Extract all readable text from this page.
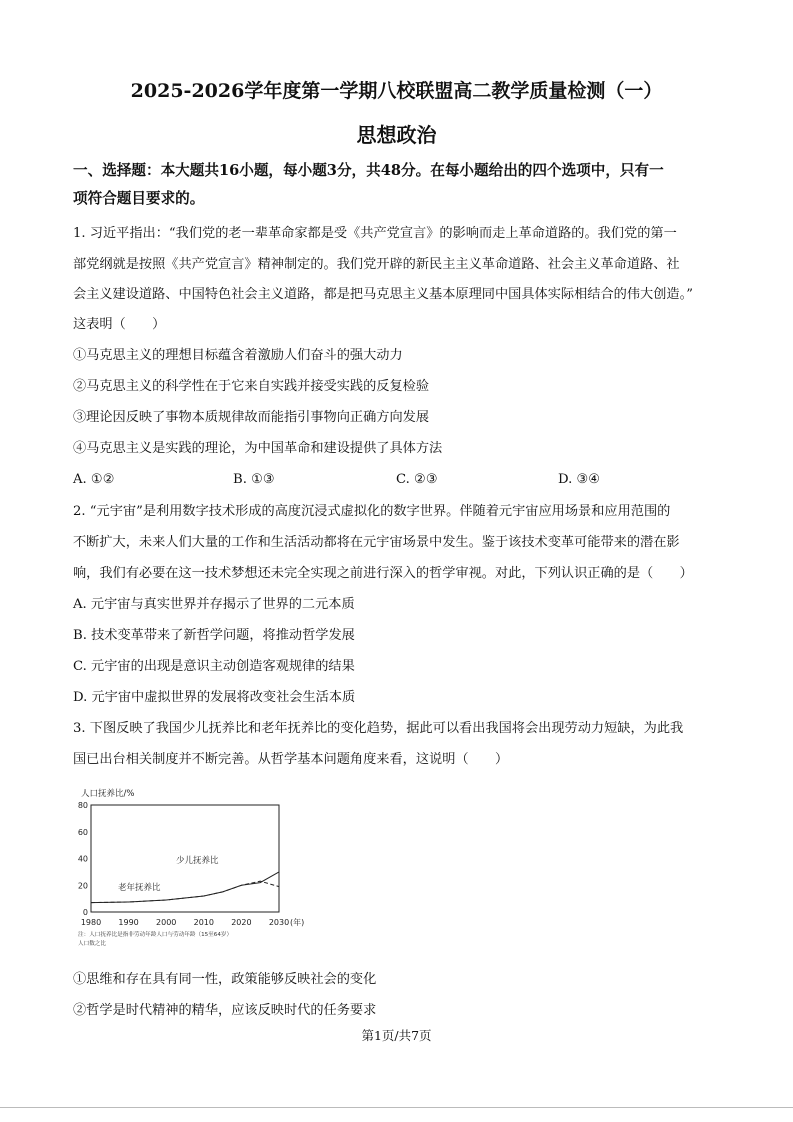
2025-2026学年度第一学期八校联盟高二教学质量检测（一）
思想政治
一、选择题：本大题共16小题，每小题3分，共48分。在每小题给出的四个选项中，只有一
项符合题目要求的。
1. 习近平指出：“我们党的老一辈革命家都是受《共产党宣言》的影响而走上革命道路的。我们党的第一
部党纲就是按照《共产党宣言》精神制定的。我们党开辟的新民主主义革命道路、社会主义革命道路、社
会主义建设道路、中国特色社会主义道路，都是把马克思主义基本原理同中国具体实际相结合的伟大创造。”
这表明（　　）
①马克思主义的理想目标蕴含着激励人们奋斗的强大动力
②马克思主义的科学性在于它来自实践并接受实践的反复检验
③理论因反映了事物本质规律故而能指引事物向正确方向发展
④马克思主义是实践的理论，为中国革命和建设提供了具体方法
A. ①②	B. ①③	C. ②③	D. ③④
2. “元宇宙”是利用数字技术形成的高度沉浸式虚拟化的数字世界。伴随着元宇宙应用场景和应用范围的
不断扩大，未来人们大量的工作和生活活动都将在元宇宙场景中发生。鉴于该技术变革可能带来的潜在影
响，我们有必要在这一技术梦想还未完全实现之前进行深入的哲学审视。对此，下列认识正确的是（　　）
A. 元宇宙与真实世界并存揭示了世界的二元本质
B. 技术变革带来了新哲学问题，将推动哲学发展
C. 元宇宙的出现是意识主动创造客观规律的结果
D. 元宇宙中虚拟世界的发展将改变社会生活本质
3. 下图反映了我国少儿抚养比和老年抚养比的变化趋势，据此可以看出我国将会出现劳动力短缺，为此我
国已出台相关制度并不断完善。从哲学基本问题角度来看，这说明（　　）
人口抚养比/%
0
20
40
60
80
1980 1990 2000 2010 2020 2030
少儿抚养比
老年抚养比
(年)
注：人口抚养比是指非劳动年龄人口与劳动年龄（15至64岁）
人口数之比
①思维和存在具有同一性，政策能够反映社会的变化
②哲学是时代精神的精华，应该反映时代的任务要求
第1页/共7页
